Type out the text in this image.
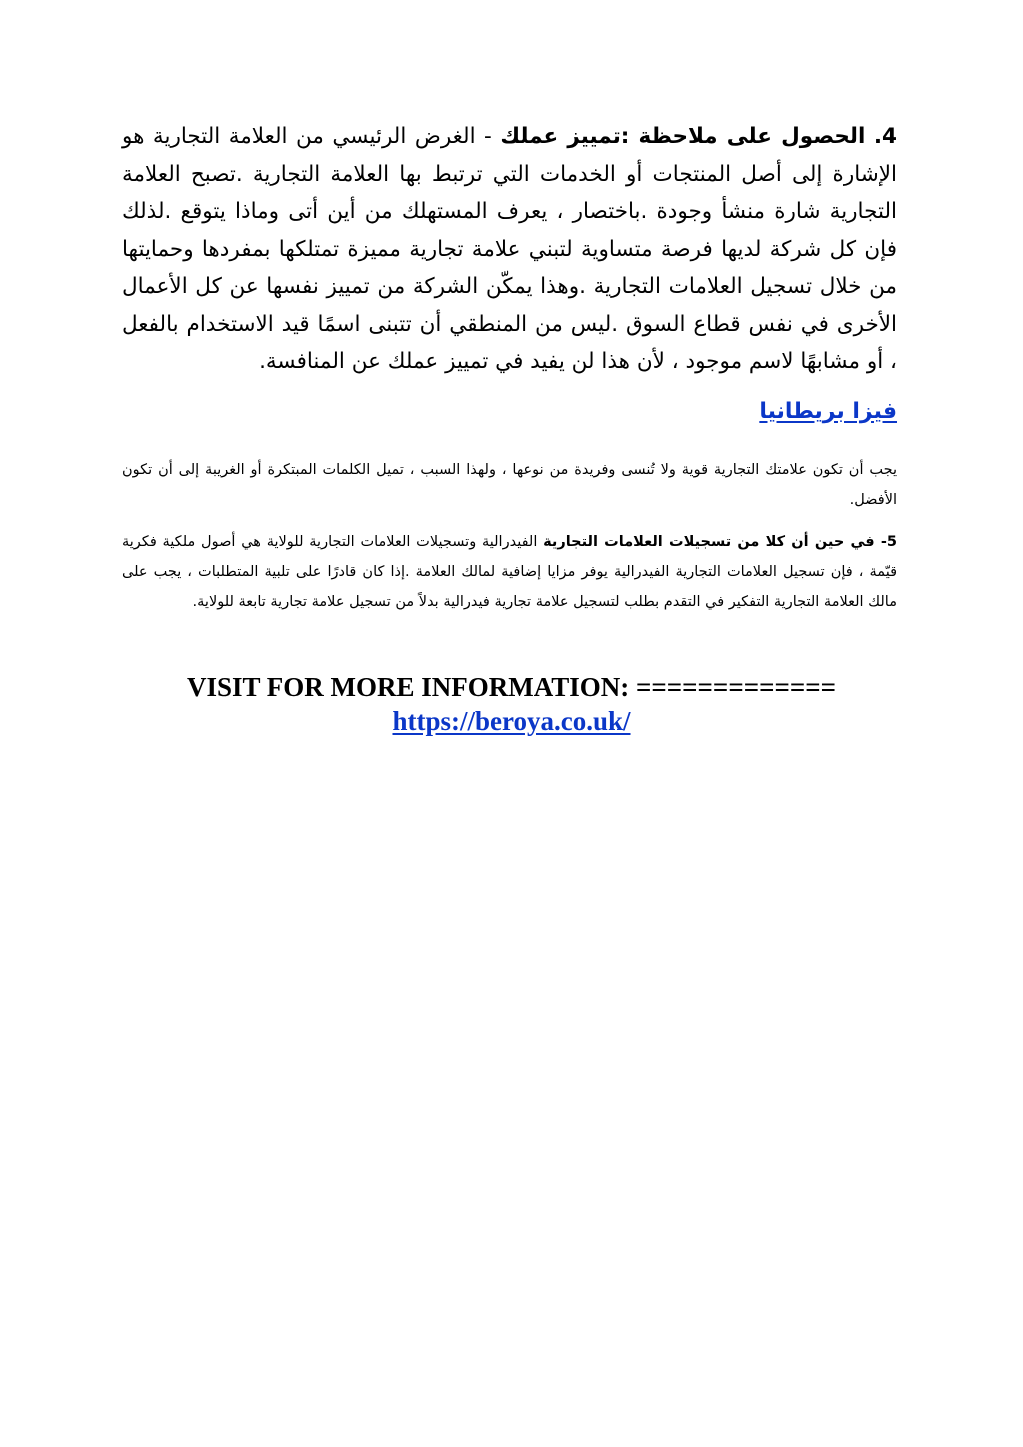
4. الحصول على ملاحظة :تمييز عملك - الغرض الرئيسي من العلامة التجارية هو الإشارة إلى أصل المنتجات أو الخدمات التي ترتبط بها العلامة التجارية .تصبح العلامة التجارية شارة منشأ وجودة .باختصار ، يعرف المستهلك من أين أتى وماذا يتوقع .لذلك فإن كل شركة لديها فرصة متساوية لتبني علامة تجارية مميزة تمتلكها بمفردها وحمايتها من خلال تسجيل العلامات التجارية .وهذا يمكّن الشركة من تمييز نفسها عن كل الأعمال الأخرى في نفس قطاع السوق .ليس من المنطقي أن تتبنى اسمًا قيد الاستخدام بالفعل ، أو مشابهًا لاسم موجود ، لأن هذا لن يفيد في تمييز عملك عن المنافسة.

فيزا بريطانيا

يجب أن تكون علامتك التجارية قوية ولا تُنسى وفريدة من نوعها ، ولهذا السبب ، تميل الكلمات المبتكرة أو الغريبة إلى أن تكون الأفضل.

5- في حين أن كلا من تسجيلات العلامات التجارية الفيدرالية وتسجيلات العلامات التجارية للولاية هي أصول ملكية فكرية قيّمة ، فإن تسجيل العلامات التجارية الفيدرالية يوفر مزايا إضافية لمالك العلامة .إذا كان قادرًا على تلبية المتطلبات ، يجب على مالك العلامة التجارية التفكير في التقدم بطلب لتسجيل علامة تجارية فيدرالية بدلاً من تسجيل علامة تجارية تابعة للولاية.

VISIT FOR MORE INFORMATION: =============
https://beroya.co.uk/
